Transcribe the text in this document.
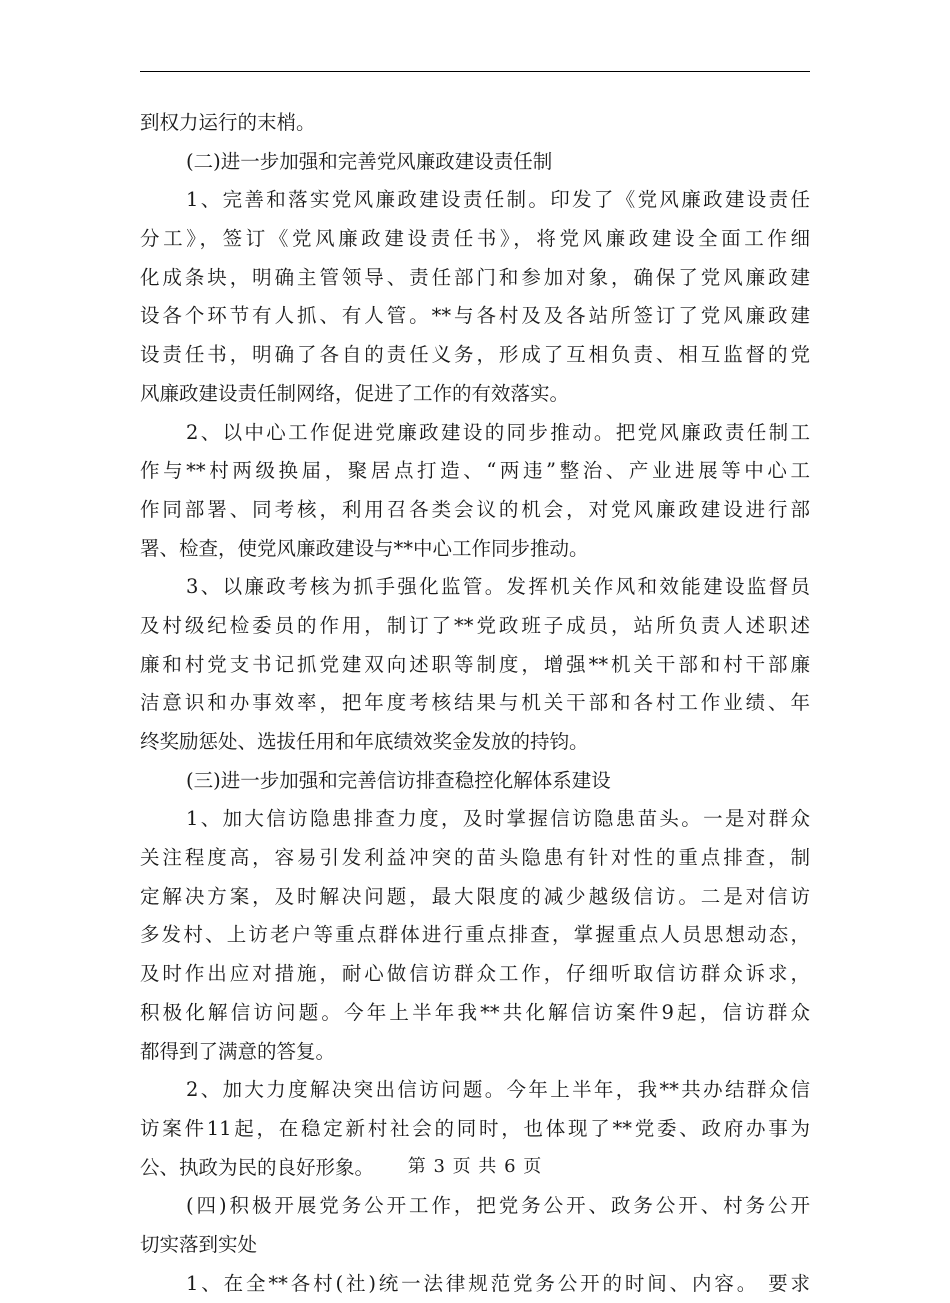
到权力运行的末梢。
(二)进一步加强和完善党风廉政建设责任制
1、完善和落实党风廉政建设责任制。印发了《党风廉政建设责任
分工》，签订《党风廉政建设责任书》，将党风廉政建设全面工作细
化成条块，明确主管领导、责任部门和参加对象，确保了党风廉政建
设各个环节有人抓、有人管。**与各村及及各站所签订了党风廉政建
设责任书，明确了各自的责任义务，形成了互相负责、相互监督的党
风廉政建设责任制网络，促进了工作的有效落实。
2、以中心工作促进党廉政建设的同步推动。把党风廉政责任制工
作与**村两级换届，聚居点打造、“两违”整治、产业进展等中心工
作同部署、同考核，利用召各类会议的机会，对党风廉政建设进行部
署、检查，使党风廉政建设与**中心工作同步推动。
3、以廉政考核为抓手强化监管。发挥机关作风和效能建设监督员
及村级纪检委员的作用，制订了**党政班子成员，站所负责人述职述
廉和村党支书记抓党建双向述职等制度，增强**机关干部和村干部廉
洁意识和办事效率，把年度考核结果与机关干部和各村工作业绩、年
终奖励惩处、选拔任用和年底绩效奖金发放的持钧。
(三)进一步加强和完善信访排查稳控化解体系建设
1、加大信访隐患排查力度，及时掌握信访隐患苗头。一是对群众
关注程度高，容易引发利益冲突的苗头隐患有针对性的重点排查，制
定解决方案，及时解决问题，最大限度的减少越级信访。二是对信访
多发村、上访老户等重点群体进行重点排查，掌握重点人员思想动态，
及时作出应对措施，耐心做信访群众工作，仔细听取信访群众诉求，
积极化解信访问题。今年上半年我**共化解信访案件9起，信访群众
都得到了满意的答复。
2、加大力度解决突出信访问题。今年上半年，我**共办结群众信
访案件11起，在稳定新村社会的同时，也体现了**党委、政府办事为
公、执政为民的良好形象。
(四)积极开展党务公开工作，把党务公开、政务公开、村务公开
切实落到实处
1、在全**各村(社)统一法律规范党务公开的时间、内容。 要求
第 3 页 共 6 页
